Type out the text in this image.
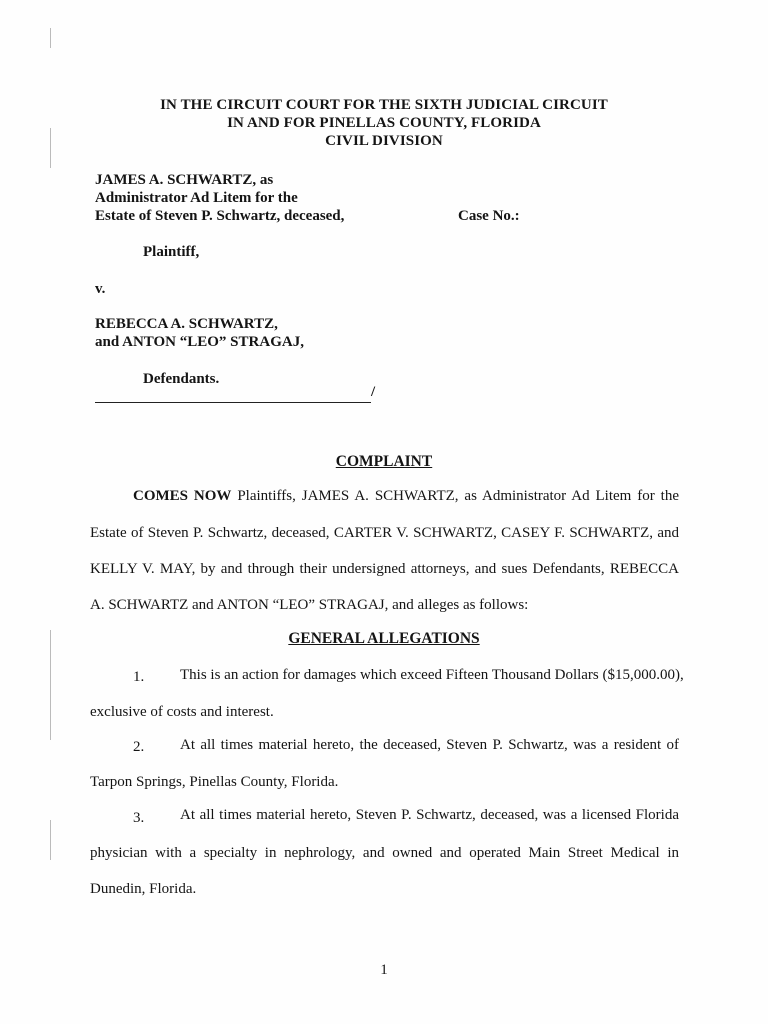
IN THE CIRCUIT COURT FOR THE SIXTH JUDICIAL CIRCUIT
IN AND FOR PINELLAS COUNTY, FLORIDA
CIVIL DIVISION
JAMES A. SCHWARTZ, as
Administrator Ad Litem for the
Estate of Steven P. Schwartz, deceased,	Case No.:
Plaintiff,
v.
REBECCA A. SCHWARTZ,
and ANTON “LEO” STRAGAJ,
Defendants.
/
COMPLAINT
COMES NOW Plaintiffs, JAMES A. SCHWARTZ, as Administrator Ad Litem for the
Estate of Steven P. Schwartz, deceased, CARTER V. SCHWARTZ, CASEY F. SCHWARTZ, and
KELLY V. MAY, by and through their undersigned attorneys, and sues Defendants, REBECCA
A. SCHWARTZ and ANTON “LEO” STRAGAJ, and alleges as follows:
GENERAL ALLEGATIONS
1. This is an action for damages which exceed Fifteen Thousand Dollars ($15,000.00),
exclusive of costs and interest.
2. At all times material hereto, the deceased, Steven P. Schwartz, was a resident of
Tarpon Springs, Pinellas County, Florida.
3. At all times material hereto, Steven P. Schwartz, deceased, was a licensed Florida
physician with a specialty in nephrology, and owned and operated Main Street Medical in
Dunedin, Florida.
1
